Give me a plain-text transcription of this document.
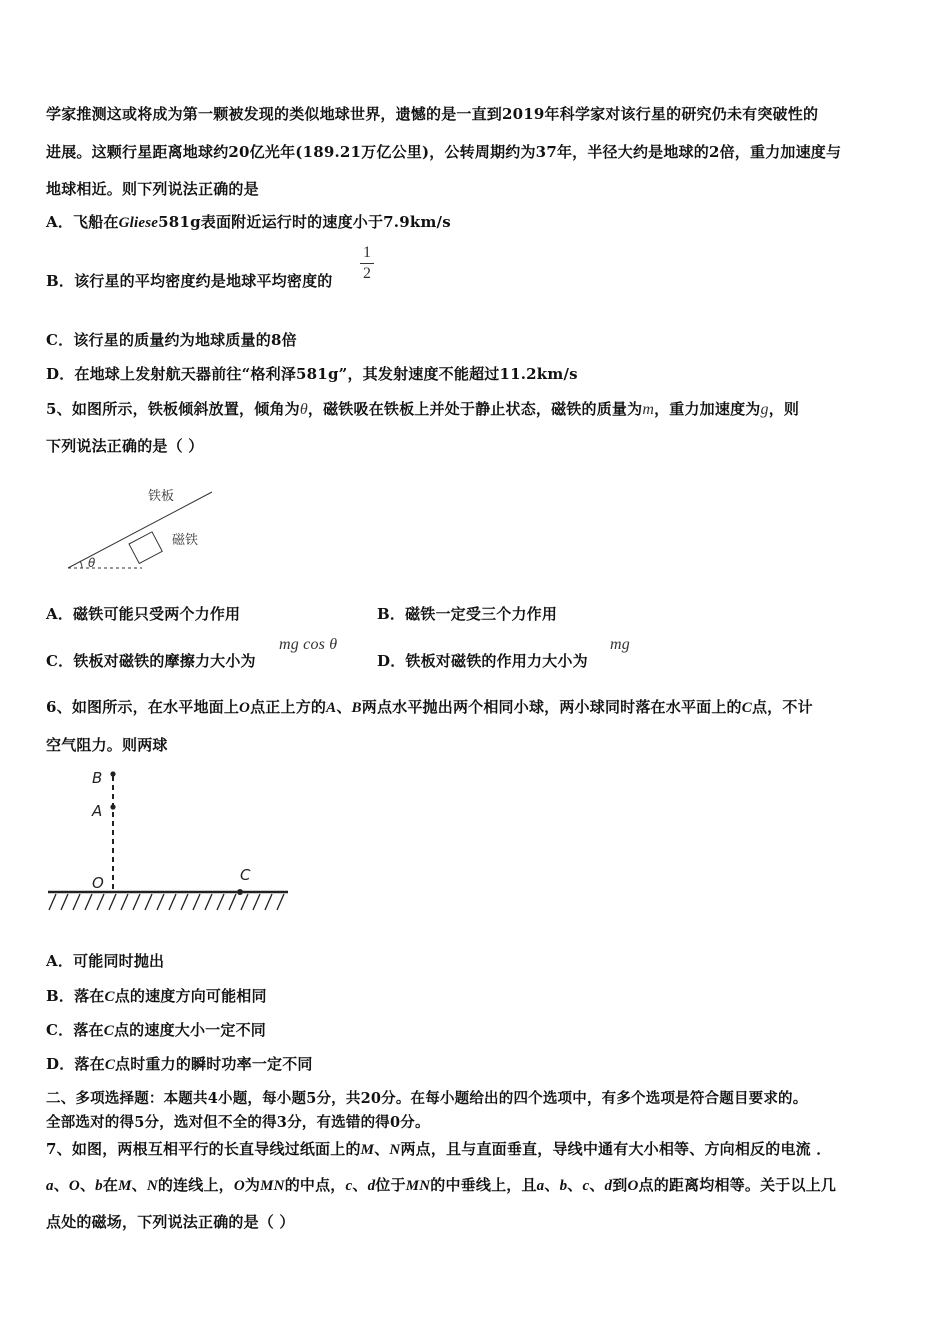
学家推测这或将成为第一颗被发现的类似地球世界，遗憾的是一直到2019年科学家对该行星的研究仍未有突破性的
进展。这颗行星距离地球约20亿光年(189.21万亿公里)，公转周期约为37年，半径大约是地球的2倍，重力加速度与
地球相近。则下列说法正确的是
A．飞船在Gliese581g表面附近运行时的速度小于7.9km/s
B．该行星的平均密度约是地球平均密度的
1
2
C．该行星的质量约为地球质量的8倍
D．在地球上发射航天器前往“格利泽581g”，其发射速度不能超过11.2km/s
5、如图所示，铁板倾斜放置，倾角为θ，磁铁吸在铁板上并处于静止状态，磁铁的质量为m，重力加速度为g，则
下列说法正确的是（ ）
铁板
磁铁
θ
A．磁铁可能只受两个力作用	B．磁铁一定受三个力作用
C．铁板对磁铁的摩擦力大小为
mg cos θ
D．铁板对磁铁的作用力大小为
mg
6、如图所示，在水平地面上O点正上方的A、B两点水平抛出两个相同小球，两小球同时落在水平面上的C点，不计
空气阻力。则两球
B
A
O	C
A．可能同时抛出
B．落在C点的速度方向可能相同
C．落在C点的速度大小一定不同
D．落在C点时重力的瞬时功率一定不同
二、多项选择题：本题共4小题，每小题5分，共20分。在每小题给出的四个选项中，有多个选项是符合题目要求的。
全部选对的得5分，选对但不全的得3分，有选错的得0分。
7、如图，两根互相平行的长直导线过纸面上的M、N两点，且与直面垂直，导线中通有大小相等、方向相反的电流 ．
a、O、b在M、N的连线上，O为MN的中点，c、d位于MN的中垂线上，且a、b、c、d到O点的距离均相等。关于以上几
点处的磁场，下列说法正确的是（ ）
